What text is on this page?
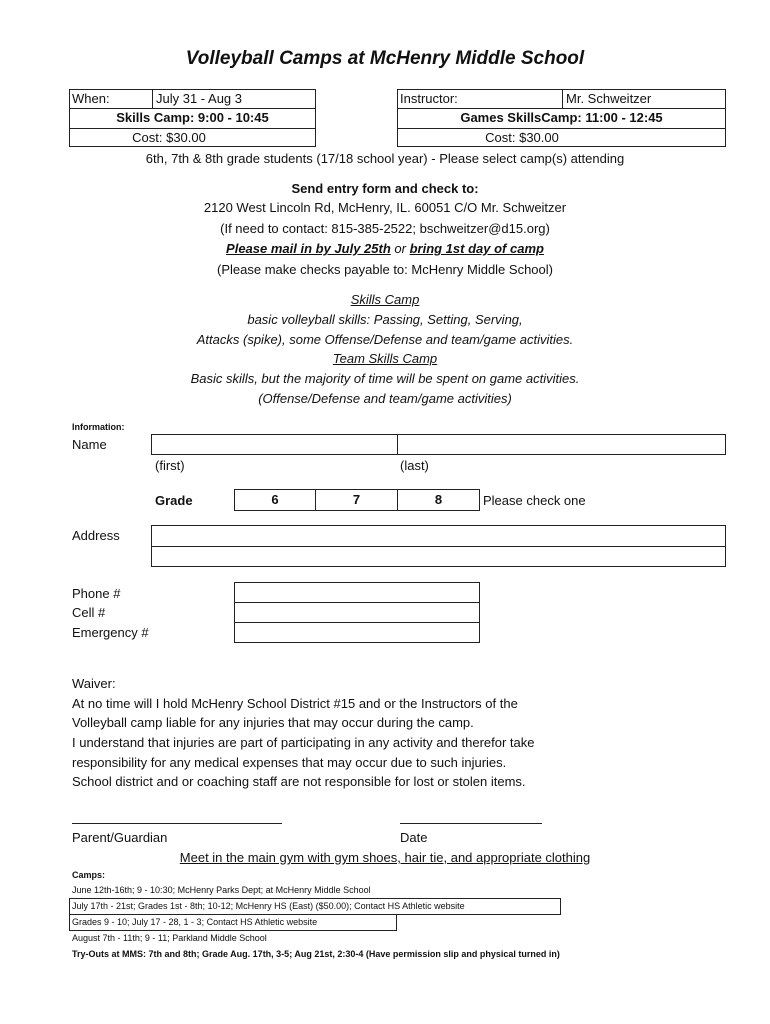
Volleyball Camps at McHenry Middle School
When:	July 31 - Aug 3
Skills Camp: 9:00 - 10:45
Cost: $30.00
Instructor:	Mr. Schweitzer
Games SkillsCamp: 11:00 - 12:45
Cost: $30.00
6th, 7th & 8th grade students (17/18 school year) - Please select camp(s) attending
Send entry form and check to:
2120 West Lincoln Rd, McHenry, IL. 60051 C/O Mr. Schweitzer
(If need to contact: 815-385-2522; bschweitzer@d15.org)
Please mail in by July 25th or bring 1st day of camp
(Please make checks payable to: McHenry Middle School)
Skills Camp
basic volleyball skills: Passing, Setting, Serving,
Attacks (spike), some Offense/Defense and team/game activities.
Team Skills Camp
Basic skills, but the majority of time will be spent on game activities.
(Offense/Defense and team/game activities)
Information:
Name
(first)	(last)
Grade	6	7	8	Please check one
Address
Phone #
Cell #
Emergency #
Waiver:
At no time will I hold McHenry School District #15 and or the Instructors of the
Volleyball camp liable for any injuries that may occur during the camp.
I understand that injuries are part of participating in any activity and therefor take
responsibility for any medical expenses that may occur due to such injuries.
School district and or coaching staff are not responsible for lost or stolen items.
Parent/Guardian	Date
Meet in the main gym with gym shoes, hair tie, and appropriate clothing
Camps:
June 12th-16th; 9 - 10:30; McHenry Parks Dept; at McHenry Middle School
July 17th - 21st; Grades 1st - 8th; 10-12; McHenry HS (East) ($50.00); Contact HS Athletic website
Grades 9 - 10; July 17 - 28, 1 - 3; Contact HS Athletic website
August 7th - 11th; 9 - 11; Parkland Middle School
Try-Outs at MMS: 7th and 8th; Grade Aug. 17th, 3-5; Aug 21st, 2:30-4 (Have permission slip and physical turned in)
